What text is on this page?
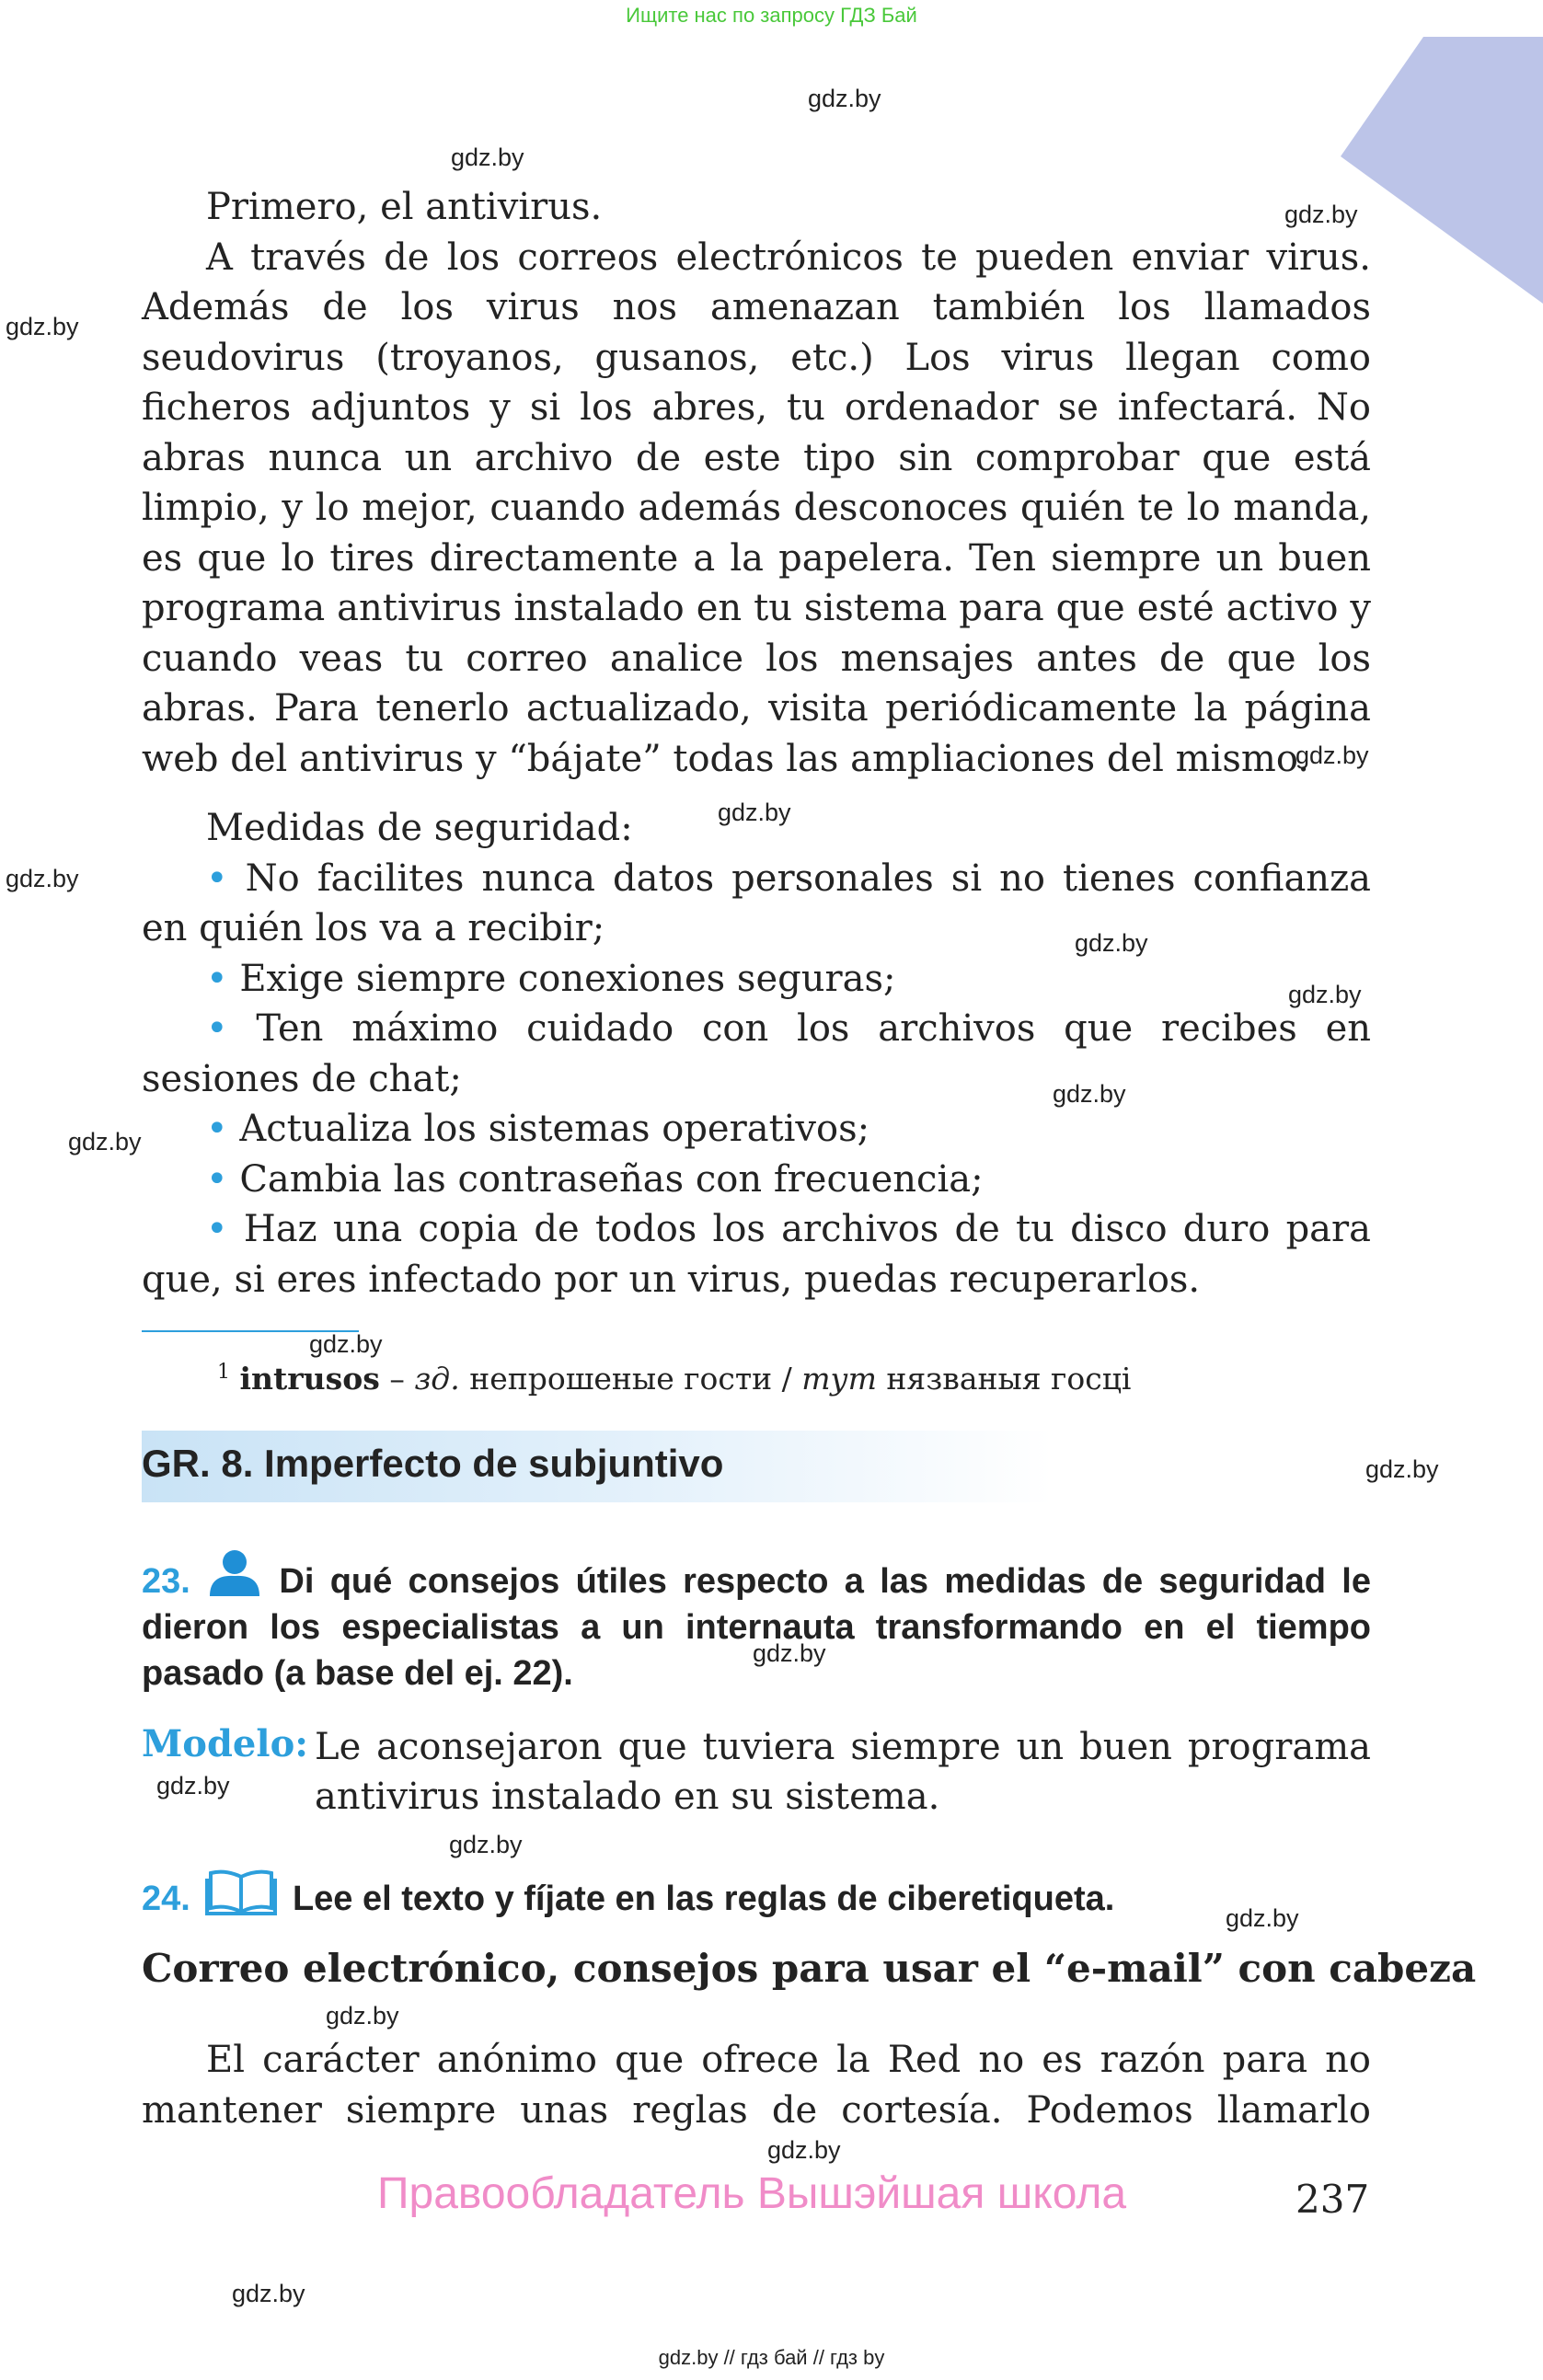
Ищите нас по запросу ГДЗ Бай

Primero, el antivirus.

A través de los correos electrónicos te pueden enviar virus. Además de los virus nos amenazan también los llamados seudovirus (troyanos, gusanos, etc.) Los virus llegan como ficheros adjuntos y si los abres, tu ordenador se infectará. No abras nunca un archivo de este tipo sin comprobar que está limpio, y lo mejor, cuando además desconoces quién te lo manda, es que lo tires directamente a la papelera. Ten siempre un buen programa antivirus instalado en tu sistema para que esté activo y cuando veas tu correo analice los mensajes antes de que los abras. Para tenerlo actualizado, visita periódicamente la página web del antivirus y “bájate” todas las ampliaciones del mismo.

Medidas de seguridad:

• No facilites nunca datos personales si no tienes confianza en quién los va a recibir;

• Exige siempre conexiones seguras;

• Ten máximo cuidado con los archivos que recibes en sesiones de chat;

• Actualiza los sistemas operativos;

• Cambia las contraseñas con frecuencia;

• Haz una copia de todos los archivos de tu disco duro para que, si eres infectado por un virus, puedas recuperarlos.

$^1$ intrusos – зд. непрошеные гости / тут нязваныя госці
GR. 8. Imperfecto de subjuntivo
23.	Di qué consejos útiles respecto a las medidas de seguridad le dieron los especialistas a un internauta transformando en el tiempo pasado (a base del ej. 22).
Modelo: Le aconsejaron que tuviera siempre un buen programa antivirus instalado en su sistema.
24.	Lee el texto y fíjate en las reglas de ciberetiqueta.
Correo electrónico, consejos para usar el “e-mail” con cabeza

El carácter anónimo que ofrece la Red no es razón para no mantener siempre unas reglas de cortesía. Podemos llamarlo

Правообладатель Вышэйшая школа	237
gdz.by // гдз бай // гдз by
gdz.by
gdz.by
gdz.by
gdz.by
gdz.by
gdz.by
gdz.by
gdz.by
gdz.by
gdz.by
gdz.by
gdz.by
gdz.by
gdz.by
gdz.by
gdz.by
gdz.by
gdz.by
gdz.by
gdz.by
